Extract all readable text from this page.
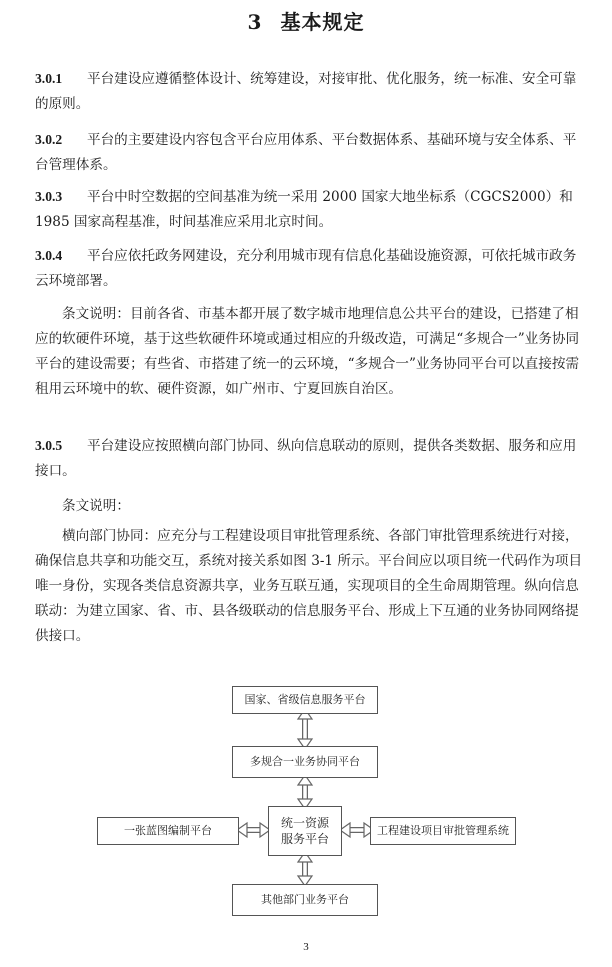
3 基本规定
3.0.1 平台建设应遵循整体设计、统筹建设，对接审批、优化服务，统一标准、安全可靠的原则。
3.0.2 平台的主要建设内容包含平台应用体系、平台数据体系、基础环境与安全体系、平台管理体系。
3.0.3 平台中时空数据的空间基准为统一采用 2000 国家大地坐标系（CGCS2000）和 1985 国家高程基准，时间基准应采用北京时间。
3.0.4 平台应依托政务网建设，充分利用城市现有信息化基础设施资源，可依托城市政务云环境部署。
条文说明：目前各省、市基本都开展了数字城市地理信息公共平台的建设，已搭建了相应的软硬件环境，基于这些软硬件环境或通过相应的升级改造，可满足“多规合一”业务协同平台的建设需要；有些省、市搭建了统一的云环境，“多规合一”业务协同平台可以直接按需租用云环境中的软、硬件资源，如广州市、宁夏回族自治区。
3.0.5 平台建设应按照横向部门协同、纵向信息联动的原则，提供各类数据、服务和应用接口。
条文说明：
横向部门协同：应充分与工程建设项目审批管理系统、各部门审批管理系统进行对接，确保信息共享和功能交互，系统对接关系如图 3-1 所示。平台间应以项目统一代码作为项目唯一身份，实现各类信息资源共享，业务互联互通，实现项目的全生命周期管理。纵向信息联动：为建立国家、省、市、县各级联动的信息服务平台、形成上下互通的业务协同网络提供接口。
国家、省级信息服务平台
多规合一业务协同平台
统一资源
服务平台
一张蓝图编制平台	工程建设项目审批管理系统
其他部门业务平台
3
